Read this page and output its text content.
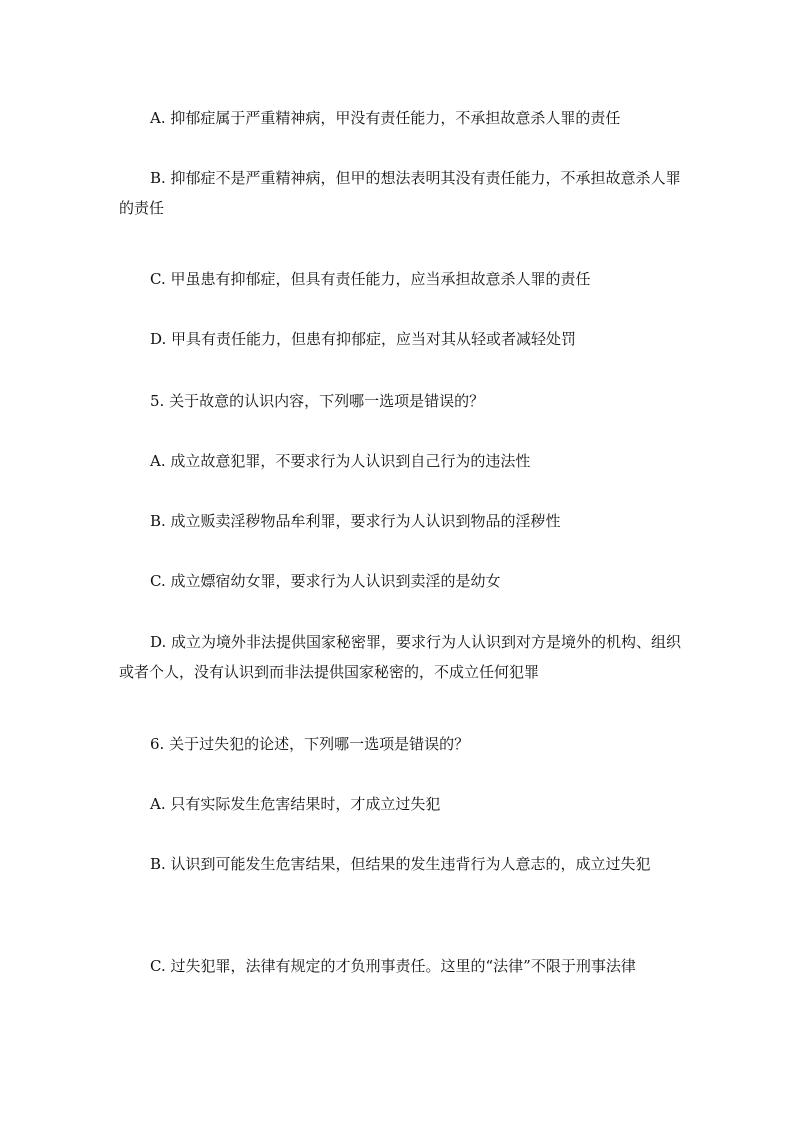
A. 抑郁症属于严重精神病，甲没有责任能力，不承担故意杀人罪的责任

B. 抑郁症不是严重精神病，但甲的想法表明其没有责任能力，不承担故意杀人罪的责任

C. 甲虽患有抑郁症，但具有责任能力，应当承担故意杀人罪的责任

D. 甲具有责任能力，但患有抑郁症，应当对其从轻或者减轻处罚

5. 关于故意的认识内容，下列哪一选项是错误的？

A. 成立故意犯罪，不要求行为人认识到自己行为的违法性

B. 成立贩卖淫秽物品牟利罪，要求行为人认识到物品的淫秽性

C. 成立嫖宿幼女罪，要求行为人认识到卖淫的是幼女

D. 成立为境外非法提供国家秘密罪，要求行为人认识到对方是境外的机构、组织或者个人，没有认识到而非法提供国家秘密的，不成立任何犯罪

6. 关于过失犯的论述，下列哪一选项是错误的？

A. 只有实际发生危害结果时，才成立过失犯

B. 认识到可能发生危害结果，但结果的发生违背行为人意志的，成立过失犯

C. 过失犯罪，法律有规定的才负刑事责任。这里的“法律”不限于刑事法律
